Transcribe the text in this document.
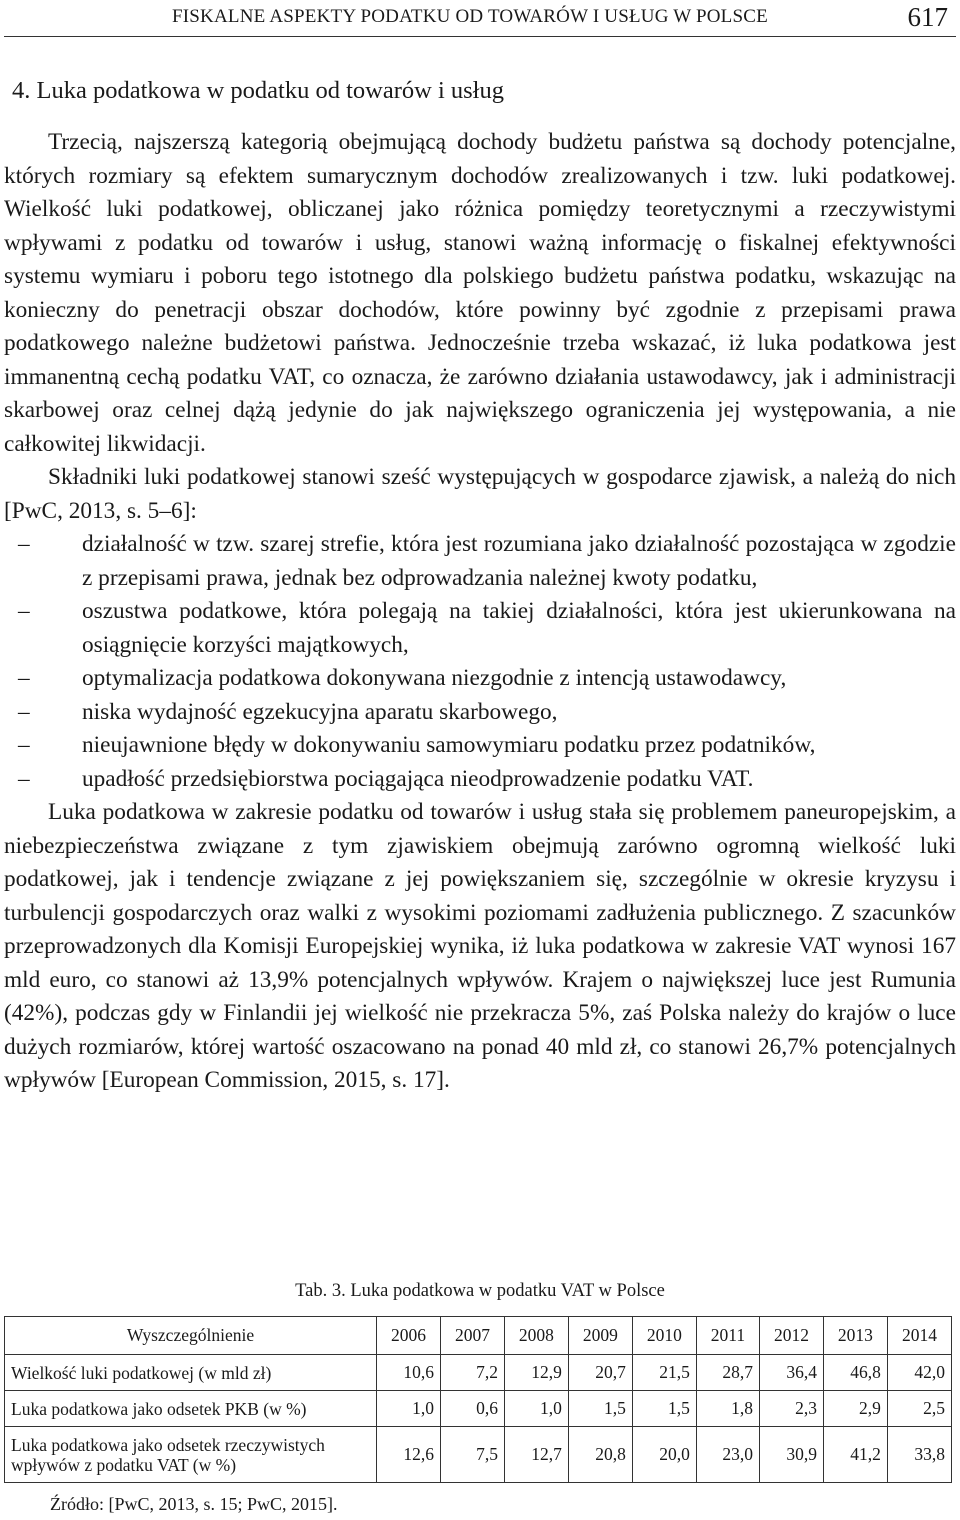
FISKALNE ASPEKTY PODATKU OD TOWARÓW I USŁUG W POLSCE	617
4. Luka podatkowa w podatku od towarów i usług

Trzecią, najszerszą kategorią obejmującą dochody budżetu państwa są dochody potencjalne, których rozmiary są efektem sumarycznym dochodów zrealizowanych i tzw. luki podatkowej. Wielkość luki podatkowej, obliczanej jako różnica pomiędzy teoretycznymi a rzeczywistymi wpływami z podatku od towarów i usług, stanowi ważną informację o fiskalnej efektywności systemu wymiaru i poboru tego istotnego dla polskiego budżetu państwa podatku, wskazując na konieczny do penetracji obszar dochodów, które powinny być zgodnie z przepisami prawa podatkowego należne budżetowi państwa. Jednocześnie trzeba wskazać, iż luka podatkowa jest immanentną cechą podatku VAT, co oznacza, że zarówno działania ustawodawcy, jak i administracji skarbowej oraz celnej dążą jedynie do jak największego ograniczenia jej występowania, a nie całkowitej likwidacji.

Składniki luki podatkowej stanowi sześć występujących w gospodarce zjawisk, a należą do nich [PwC, 2013, s. 5–6]:

– działalność w tzw. szarej strefie, która jest rozumiana jako działalność pozostająca w zgodzie z przepisami prawa, jednak bez odprowadzania należnej kwoty podatku,
– oszustwa podatkowe, która polegają na takiej działalności, która jest ukierunkowana na osiągnięcie korzyści majątkowych,
– optymalizacja podatkowa dokonywana niezgodnie z intencją ustawodawcy,
– niska wydajność egzekucyjna aparatu skarbowego,
– nieujawnione błędy w dokonywaniu samowymiaru podatku przez podatników,
– upadłość przedsiębiorstwa pociągająca nieodprowadzenie podatku VAT.

Luka podatkowa w zakresie podatku od towarów i usług stała się problemem paneuropejskim, a niebezpieczeństwa związane z tym zjawiskiem obejmują zarówno ogromną wielkość luki podatkowej, jak i tendencje związane z jej powiększaniem się, szczególnie w okresie kryzysu i turbulencji gospodarczych oraz walki z wysokimi poziomami zadłużenia publicznego. Z szacunków przeprowadzonych dla Komisji Europejskiej wynika, iż luka podatkowa w zakresie VAT wynosi 167 mld euro, co stanowi aż 13,9% potencjalnych wpływów. Krajem o największej luce jest Rumunia (42%), podczas gdy w Finlandii jej wielkość nie przekracza 5%, zaś Polska należy do krajów o luce dużych rozmiarów, której wartość oszacowano na ponad 40 mld zł, co stanowi 26,7% potencjalnych wpływów [European Commission, 2015, s. 17].

Tab. 3. Luka podatkowa w podatku VAT w Polsce
Wyszczególnienie	2006	2007	2008	2009	2010	2011	2012	2013	2014
Wielkość luki podatkowej (w mld zł)	10,6	7,2	12,9	20,7	21,5	28,7	36,4	46,8	42,0
Luka podatkowa jako odsetek PKB (w %)	1,0	0,6	1,0	1,5	1,5	1,8	2,3	2,9	2,5
Luka podatkowa jako odsetek rzeczywistych wpływów z podatku VAT (w %)	12,6	7,5	12,7	20,8	20,0	23,0	30,9	41,2	33,8
Źródło: [PwC, 2013, s. 15; PwC, 2015].
